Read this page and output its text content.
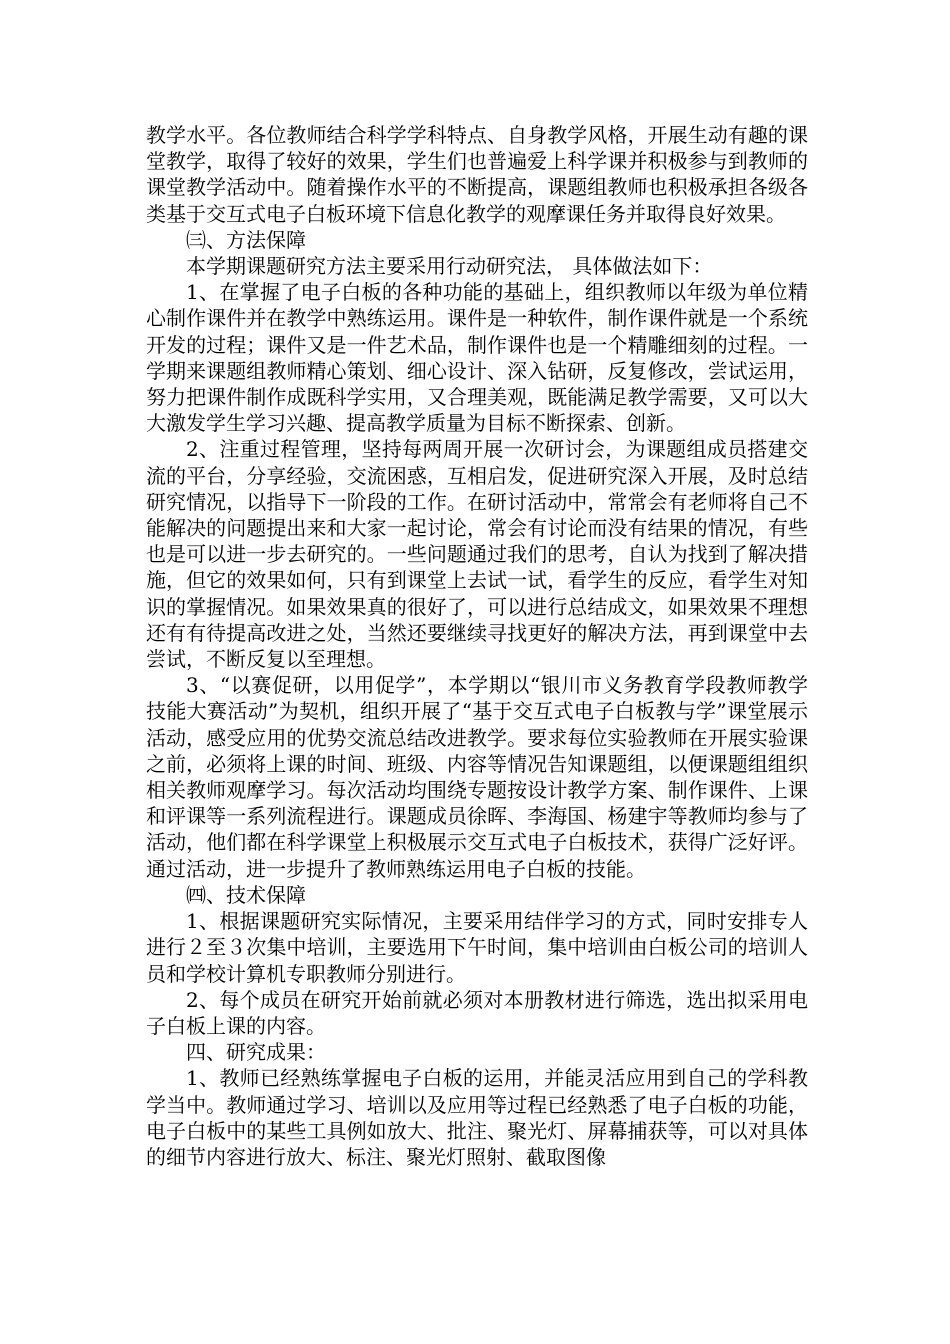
教学水平。各位教师结合科学学科特点、自身教学风格，开展生动有趣的课堂教学，取得了较好的效果，学生们也普遍爱上科学课并积极参与到教师的课堂教学活动中。随着操作水平的不断提高，课题组教师也积极承担各级各类基于交互式电子白板环境下信息化教学的观摩课任务并取得良好效果。

㈢、方法保障

本学期课题研究方法主要采用行动研究法， 具体做法如下：

1、在掌握了电子白板的各种功能的基础上，组织教师以年级为单位精心制作课件并在教学中熟练运用。课件是一种软件，制作课件就是一个系统开发的过程；课件又是一件艺术品，制作课件也是一个精雕细刻的过程。一学期来课题组教师精心策划、细心设计、深入钻研，反复修改，尝试运用，努力把课件制作成既科学实用，又合理美观，既能满足教学需要，又可以大大激发学生学习兴趣、提高教学质量为目标不断探索、创新。

2、注重过程管理，坚持每两周开展一次研讨会，为课题组成员搭建交流的平台，分享经验，交流困惑，互相启发，促进研究深入开展，及时总结研究情况，以指导下一阶段的工作。在研讨活动中，常常会有老师将自己不能解决的问题提出来和大家一起讨论，常会有讨论而没有结果的情况，有些也是可以进一步去研究的。一些问题通过我们的思考，自认为找到了解决措施，但它的效果如何，只有到课堂上去试一试，看学生的反应，看学生对知识的掌握情况。如果效果真的很好了，可以进行总结成文，如果效果不理想还有有待提高改进之处，当然还要继续寻找更好的解决方法，再到课堂中去尝试，不断反复以至理想。

3、“以赛促研，以用促学”，本学期以“银川市义务教育学段教师教学技能大赛活动”为契机，组织开展了“基于交互式电子白板教与学”课堂展示活动，感受应用的优势交流总结改进教学。要求每位实验教师在开展实验课之前，必须将上课的时间、班级、内容等情况告知课题组，以便课题组组织相关教师观摩学习。每次活动均围绕专题按设计教学方案、制作课件、上课和评课等一系列流程进行。课题成员徐晖、李海国、杨建宇等教师均参与了活动，他们都在科学课堂上积极展示交互式电子白板技术，获得广泛好评。通过活动，进一步提升了教师熟练运用电子白板的技能。

㈣、技术保障

1、根据课题研究实际情况，主要采用结伴学习的方式，同时安排专人进行２至３次集中培训，主要选用下午时间，集中培训由白板公司的培训人员和学校计算机专职教师分别进行。

2、每个成员在研究开始前就必须对本册教材进行筛选，选出拟采用电子白板上课的内容。

四、研究成果：

1、教师已经熟练掌握电子白板的运用，并能灵活应用到自己的学科教学当中。教师通过学习、培训以及应用等过程已经熟悉了电子白板的功能，电子白板中的某些工具例如放大、批注、聚光灯、屏幕捕获等，可以对具体的细节内容进行放大、标注、聚光灯照射、截取图像
